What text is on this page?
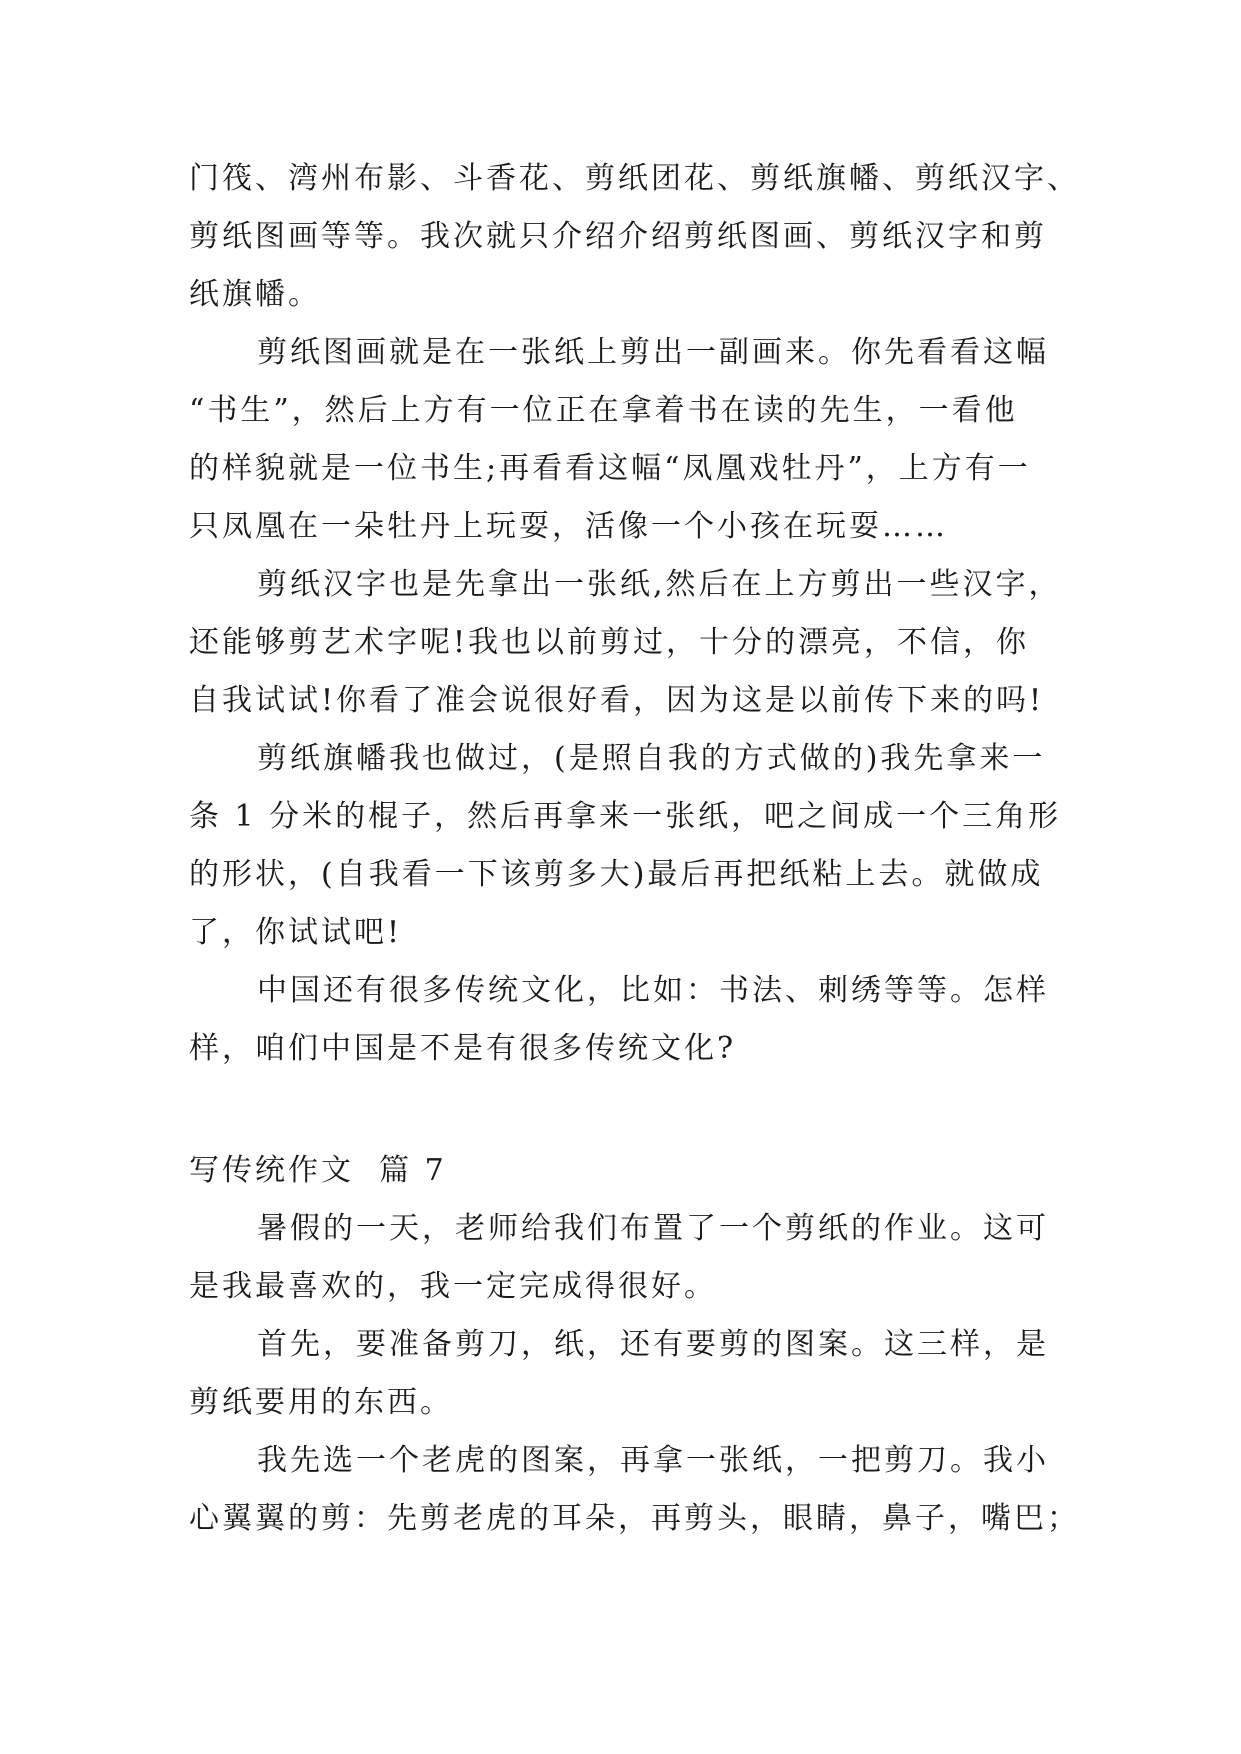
门筏、湾州布影、斗香花、剪纸团花、剪纸旗幡、剪纸汉字、
剪纸图画等等。我次就只介绍介绍剪纸图画、剪纸汉字和剪
纸旗幡。
剪纸图画就是在一张纸上剪出一副画来。你先看看这幅
“书生”，然后上方有一位正在拿着书在读的先生，一看他
的样貌就是一位书生;再看看这幅“凤凰戏牡丹”，上方有一
只凤凰在一朵牡丹上玩耍，活像一个小孩在玩耍……
剪纸汉字也是先拿出一张纸,然后在上方剪出一些汉字，
还能够剪艺术字呢!我也以前剪过，十分的漂亮，不信，你
自我试试!你看了准会说很好看，因为这是以前传下来的吗!
剪纸旗幡我也做过，(是照自我的方式做的)我先拿来一
条 1 分米的棍子，然后再拿来一张纸，吧之间成一个三角形
的形状，(自我看一下该剪多大)最后再把纸粘上去。就做成
了，你试试吧!
中国还有很多传统文化，比如：书法、刺绣等等。怎样
样，咱们中国是不是有很多传统文化?
写传统作文  篇 7
暑假的一天，老师给我们布置了一个剪纸的作业。这可
是我最喜欢的，我一定完成得很好。
首先，要准备剪刀，纸，还有要剪的图案。这三样，是
剪纸要用的东西。
我先选一个老虎的图案，再拿一张纸，一把剪刀。我小
心翼翼的剪：先剪老虎的耳朵，再剪头，眼睛，鼻子，嘴巴；
